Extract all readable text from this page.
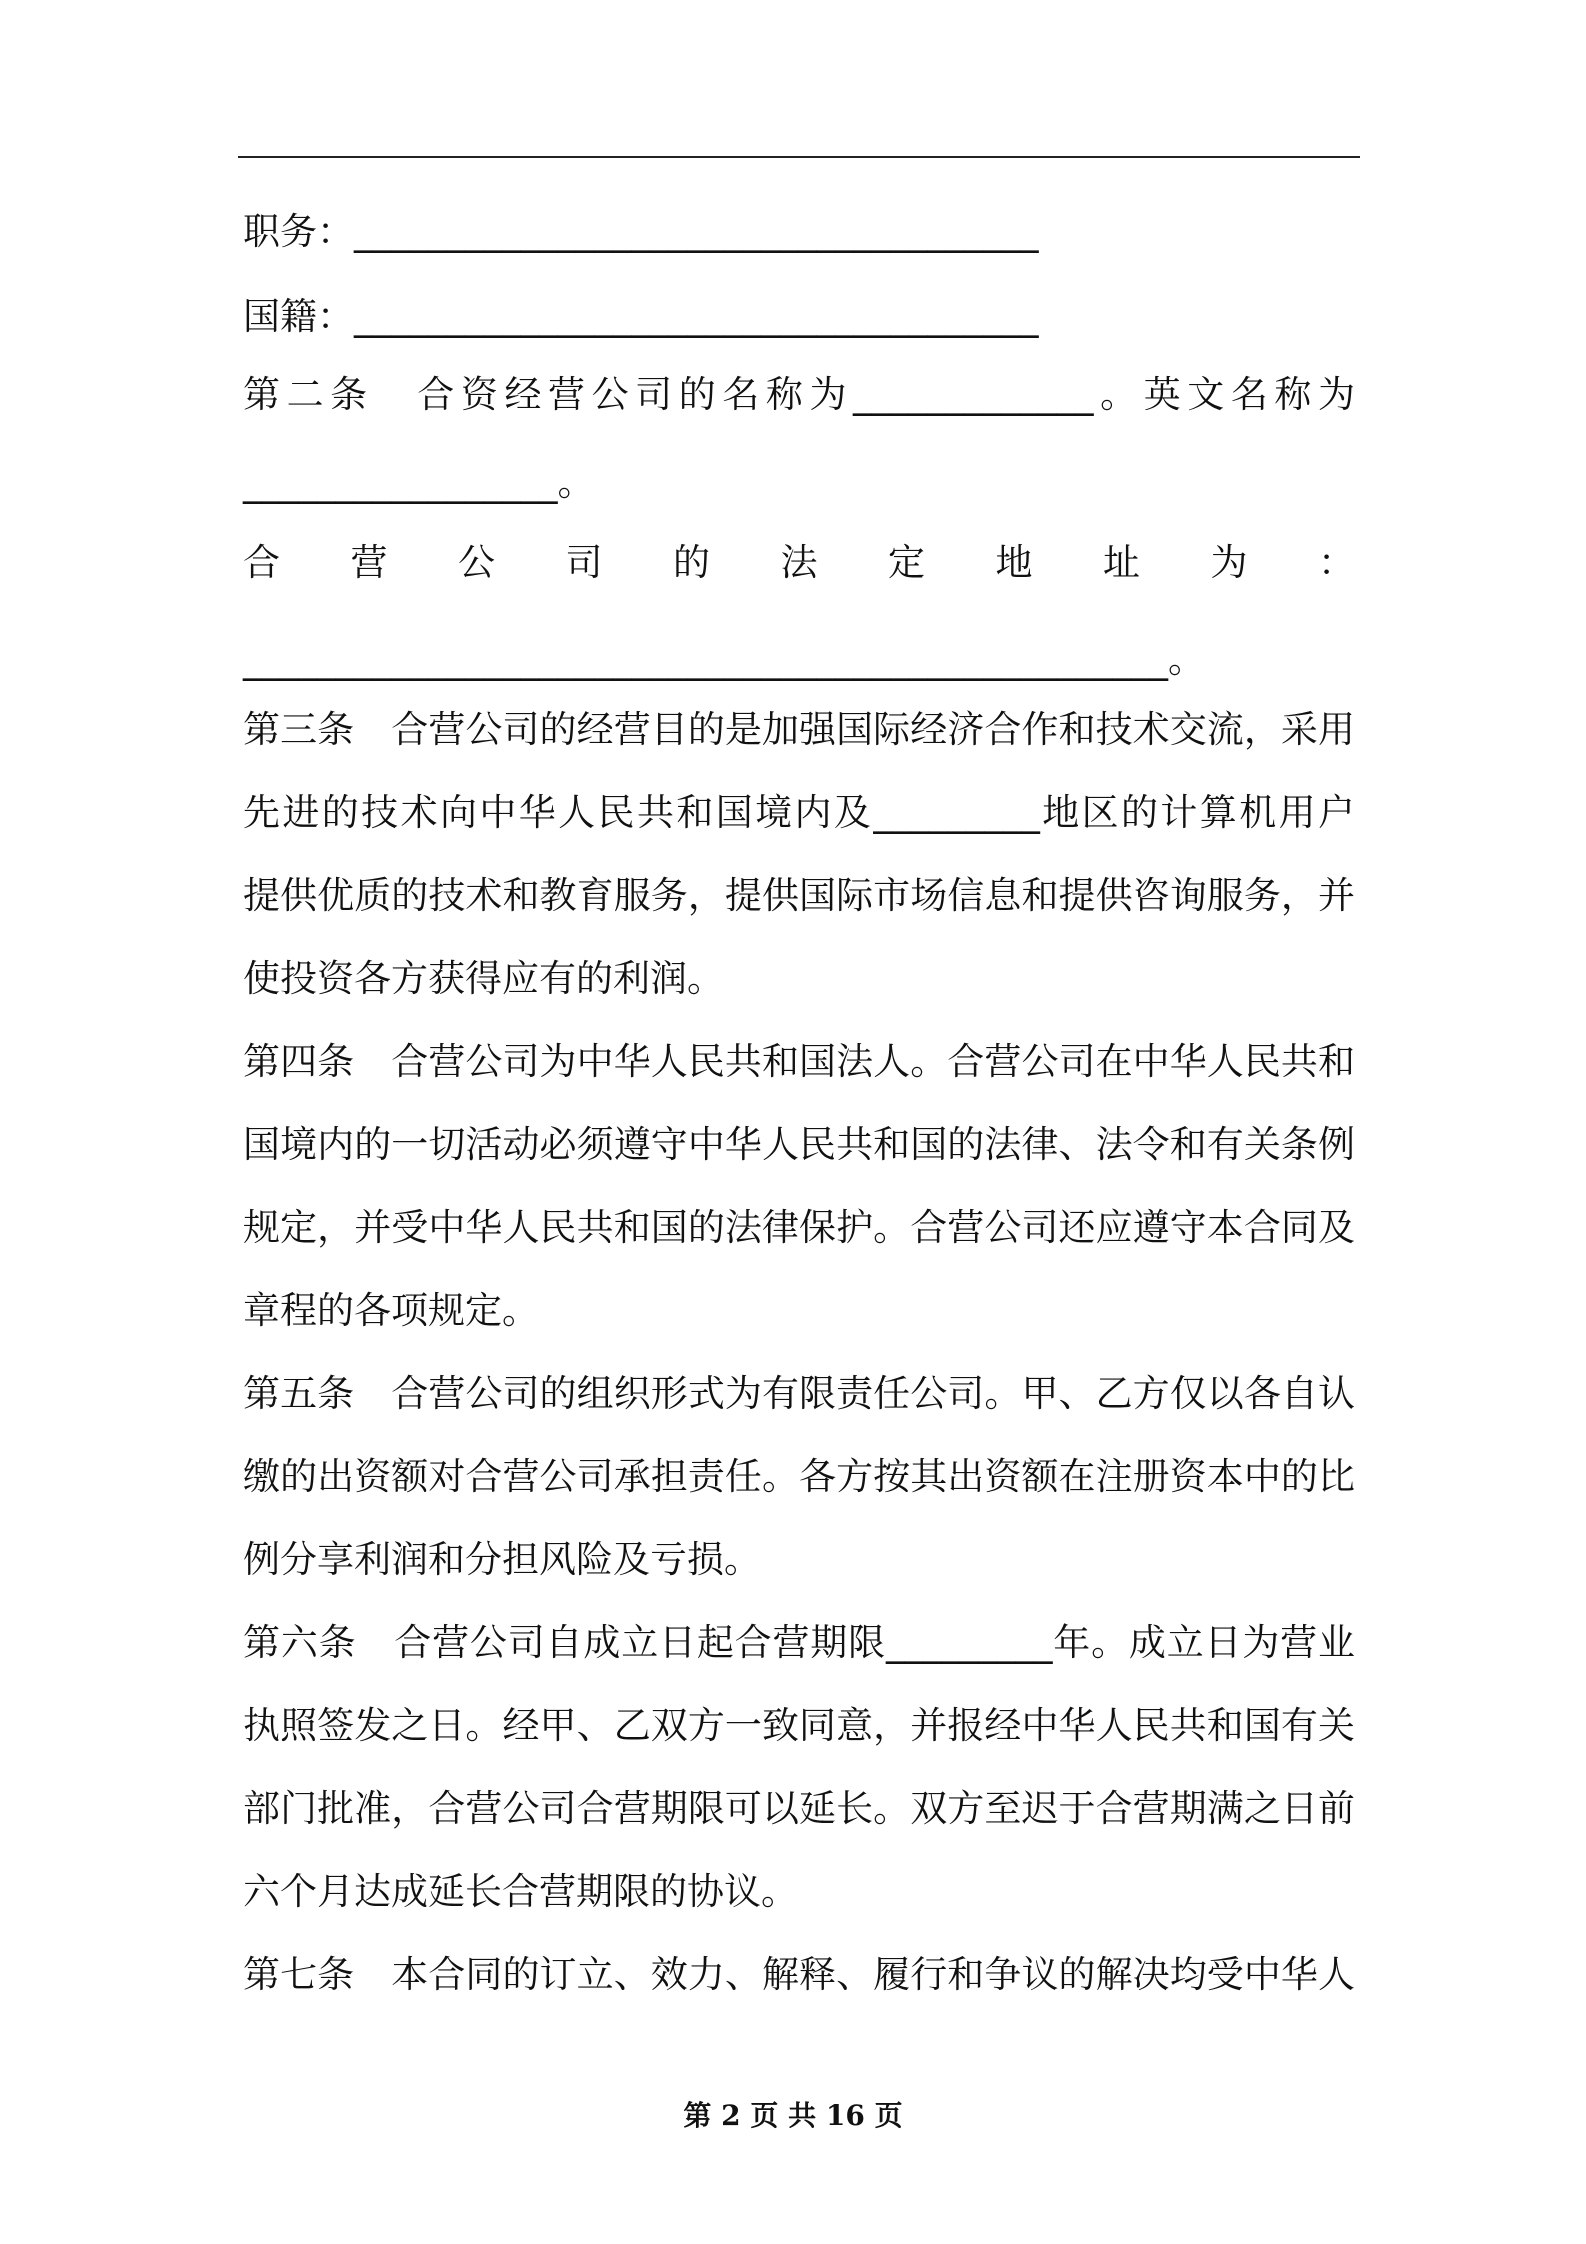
职务：_____________________________________
国籍：_____________________________________
第二条　合资经营公司的名称为_____________。英文名称为
_________________。
合 营 公 司 的 法 定 地 址 为 ：
__________________________________________________。
第三条　合营公司的经营目的是加强国际经济合作和技术交流，采用
先进的技术向中华人民共和国境内及_________地区的计算机用户
提供优质的技术和教育服务，提供国际市场信息和提供咨询服务，并
使投资各方获得应有的利润。
第四条　合营公司为中华人民共和国法人。合营公司在中华人民共和
国境内的一切活动必须遵守中华人民共和国的法律、法令和有关条例
规定，并受中华人民共和国的法律保护。合营公司还应遵守本合同及
章程的各项规定。
第五条　合营公司的组织形式为有限责任公司。甲、乙方仅以各自认
缴的出资额对合营公司承担责任。各方按其出资额在注册资本中的比
例分享利润和分担风险及亏损。
第六条　合营公司自成立日起合营期限_________年。成立日为营业
执照签发之日。经甲、乙双方一致同意，并报经中华人民共和国有关
部门批准，合营公司合营期限可以延长。双方至迟于合营期满之日前
六个月达成延长合营期限的协议。
第七条　本合同的订立、效力、解释、履行和争议的解决均受中华人
第 2 页 共 16 页
